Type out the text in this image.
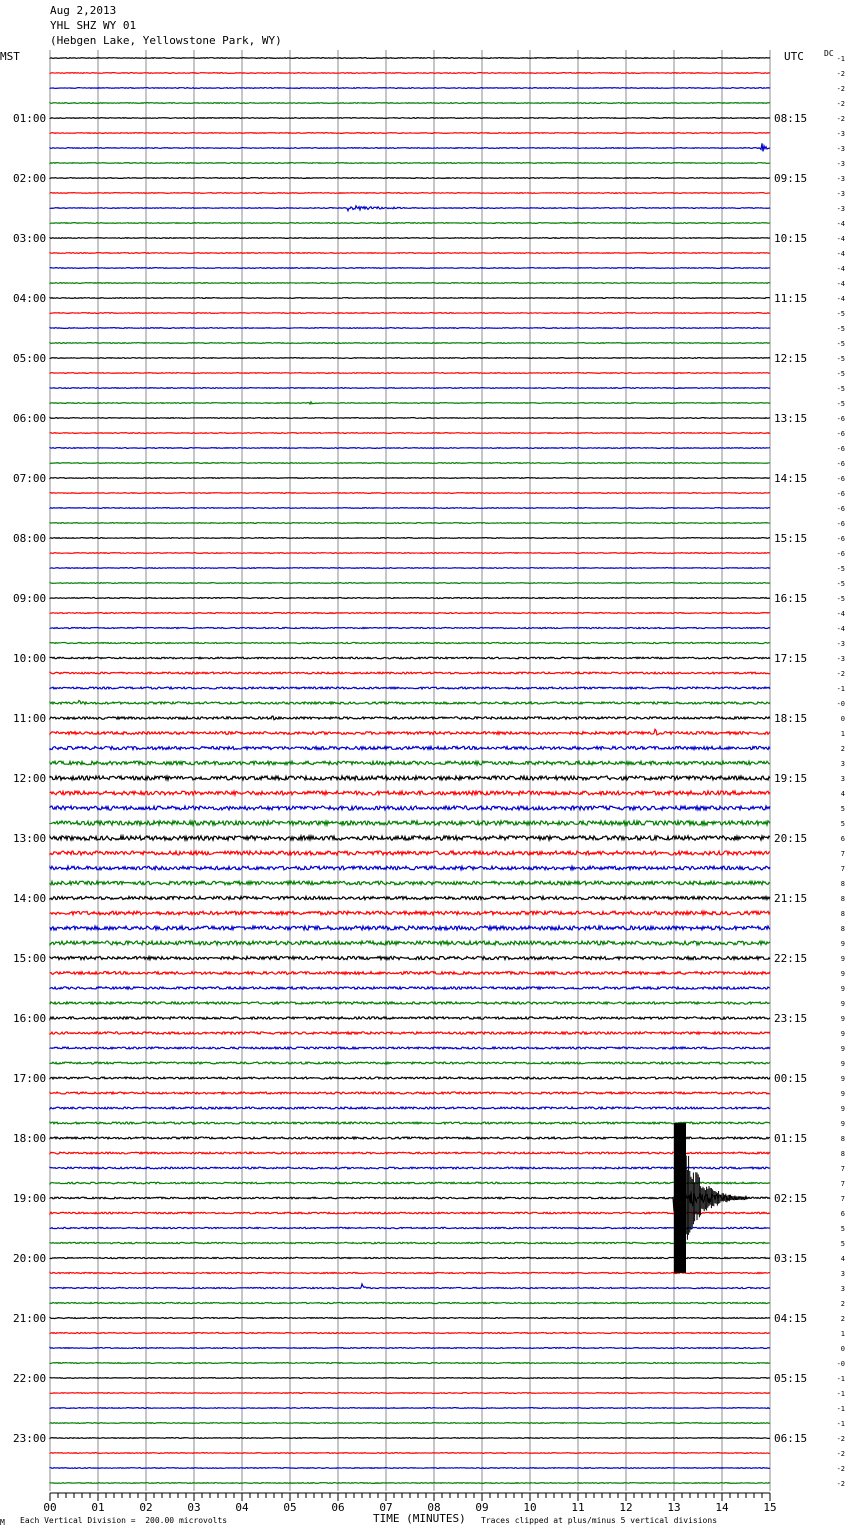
Aug 2,2013
YHL SHZ WY 01
(Hebgen Lake, Yellowstone Park, WY)
MST	UTC	DC
01:00
02:00
03:00
04:00
05:00
06:00
07:00
08:00
09:00
10:00
11:00
12:00
13:00
14:00
15:00
16:00
17:00
18:00
19:00
20:00
21:00
22:00
23:00
08:15
09:15
10:15
11:15
12:15
13:15
14:15
15:15
16:15
17:15
18:15
19:15
20:15
21:15
22:15
23:15
00:15
01:15
02:15
03:15
04:15
05:15
06:15
-1
-2
-2
-2
-2
-3
-3
-3
-3
-3
-3
-4
-4
-4
-4
-4
-4
-5
-5
-5
-5
-5
-5
-5
-6
-6
-6
-6
-6
-6
-6
-6
-6
-6
-5
-5
-5
-4
-4
-3
-3
-2
-1
-0
0
1
2
3
3
4
5
5
6
7
7
8
8
8
8
9
9
9
9
9
9
9
9
9
9
9
9
9
8
8
7
7
7
6
5
5
4
3
3
2
2
1
0
-0
-1
-1
-1
-1
-2
-2
-2
-2
00	01	02	03	04	05	06	07	08	09	10	11	12	13	14	15
M Each Vertical Division =  200.00 microvolts	TIME (MINUTES) Traces clipped at plus/minus 5 vertical divisions
